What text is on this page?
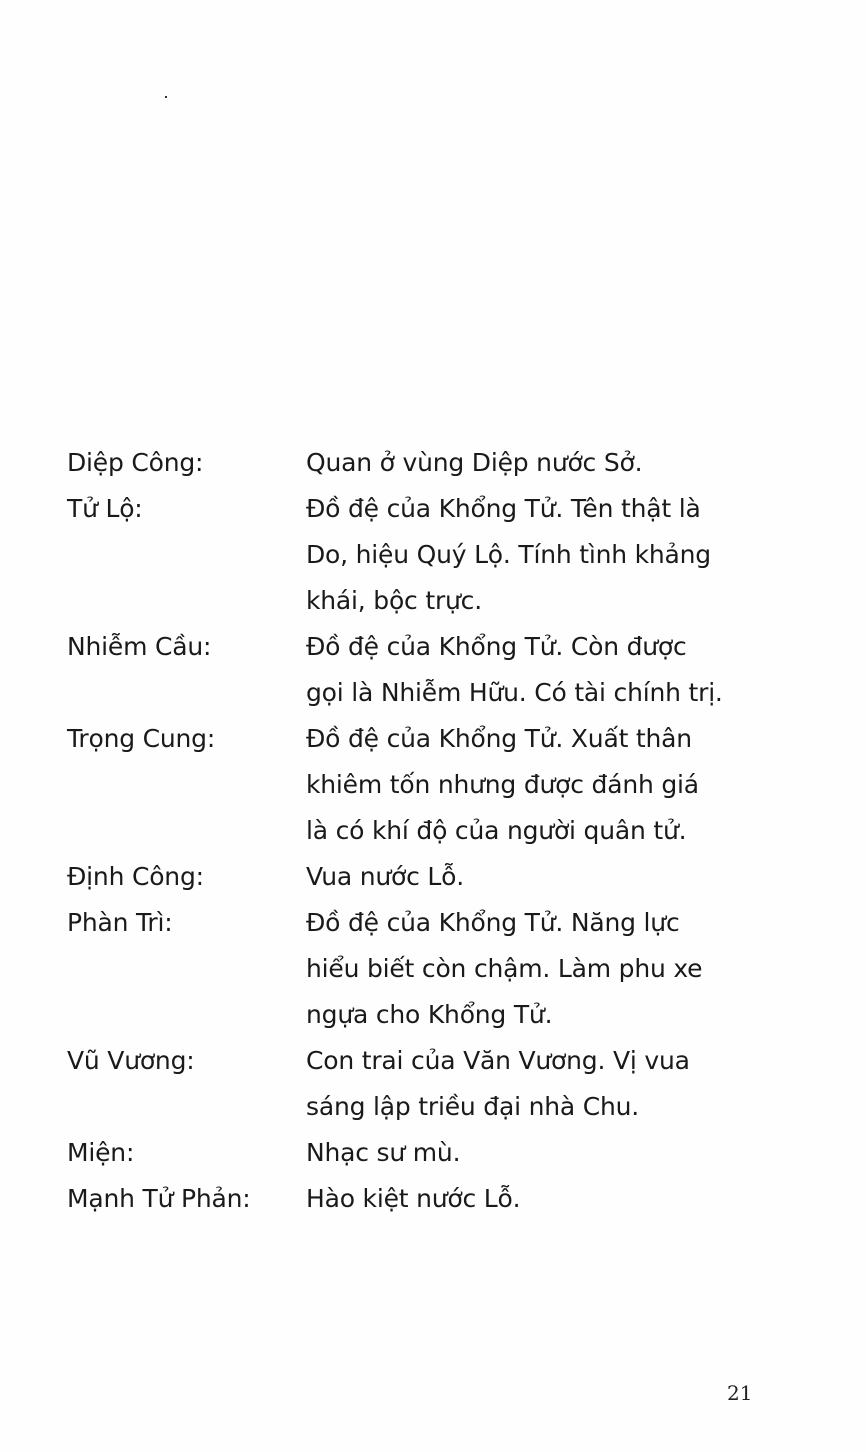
Diệp Công:	Quan ở vùng Diệp nước Sở.
Tử Lộ:	Đồ đệ của Khổng Tử. Tên thật là
Do, hiệu Quý Lộ. Tính tình khảng
khái, bộc trực.
Nhiễm Cầu:	Đồ đệ của Khổng Tử. Còn được
gọi là Nhiễm Hữu. Có tài chính trị.
Trọng Cung:	Đồ đệ của Khổng Tử. Xuất thân
khiêm tốn nhưng được đánh giá
là có khí độ của người quân tử.
Định Công:	Vua nước Lỗ.
Phàn Trì:	Đồ đệ của Khổng Tử. Năng lực
hiểu biết còn chậm. Làm phu xe
ngựa cho Khổng Tử.
Vũ Vương:	Con trai của Văn Vương. Vị vua
sáng lập triều đại nhà Chu.
Miện:	Nhạc sư mù.
Mạnh Tử Phản: Hào kiệt nước Lỗ.
21
